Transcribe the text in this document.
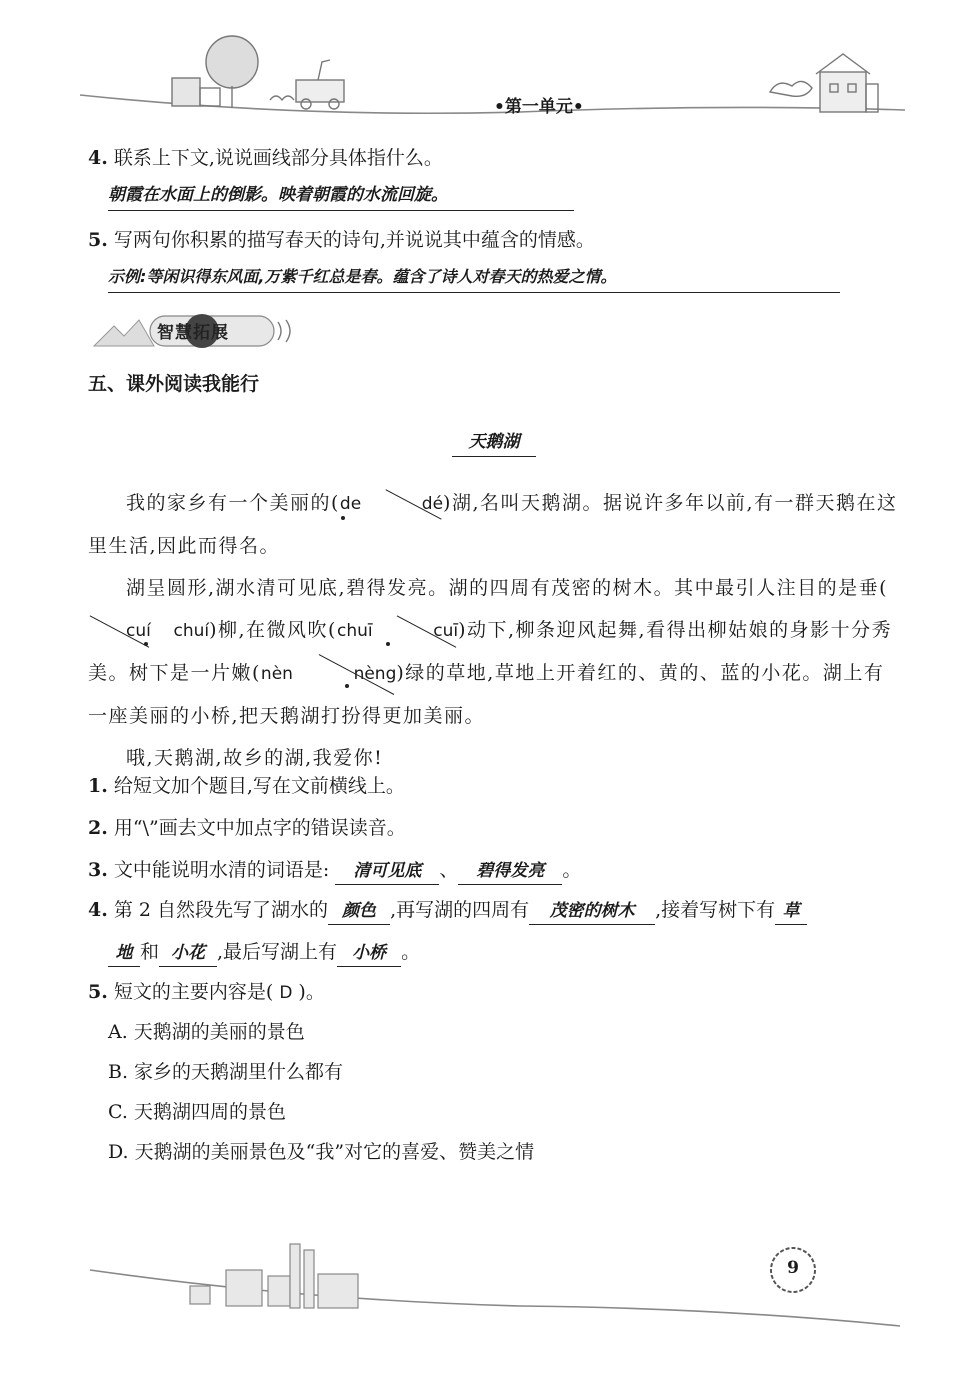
•第一单元•
4. 联系上下文,说说画线部分具体指什么。
朝霞在水面上的倒影。映着朝霞的水流回旋。
5. 写两句你积累的描写春天的诗句,并说说其中蕴含的情感。
示例:等闲识得东风面,万紫千红总是春。蕴含了诗人对春天的热爱之情。
智慧拓展
五、课外阅读我能行
天鹅湖

我的家乡有一个美丽的(de	dé)湖,名叫天鹅湖。据说许多年以前,有一群天鹅在这里生活,因此而得名。

湖呈圆形,湖水清可见底,碧得发亮。湖的四周有茂密的树木。其中最引人注目的是垂(cuí chuí)柳,在微风吹(chuī	cuī)动下,柳条迎风起舞,看得出柳姑娘的身影十分秀美。树下是一片嫩(nèn	nèng)绿的草地,草地上开着红的、黄的、蓝的小花。湖上有一座美丽的小桥,把天鹅湖打扮得更加美丽。

哦,天鹅湖,故乡的湖,我爱你!

1. 给短文加个题目,写在文前横线上。
2. 用“\”画去文中加点字的错误读音。
3. 文中能说明水清的词语是: 清可见底 、 碧得发亮 。
4. 第 2 自然段先写了湖水的 颜色 ,再写湖的四周有 茂密的树木 ,接着写树下有 草
地 和 小花 ,最后写湖上有 小桥 。
5. 短文的主要内容是( D )。
A. 天鹅湖的美丽的景色
B. 家乡的天鹅湖里什么都有
C. 天鹅湖四周的景色
D. 天鹅湖的美丽景色及“我”对它的喜爱、赞美之情
9
